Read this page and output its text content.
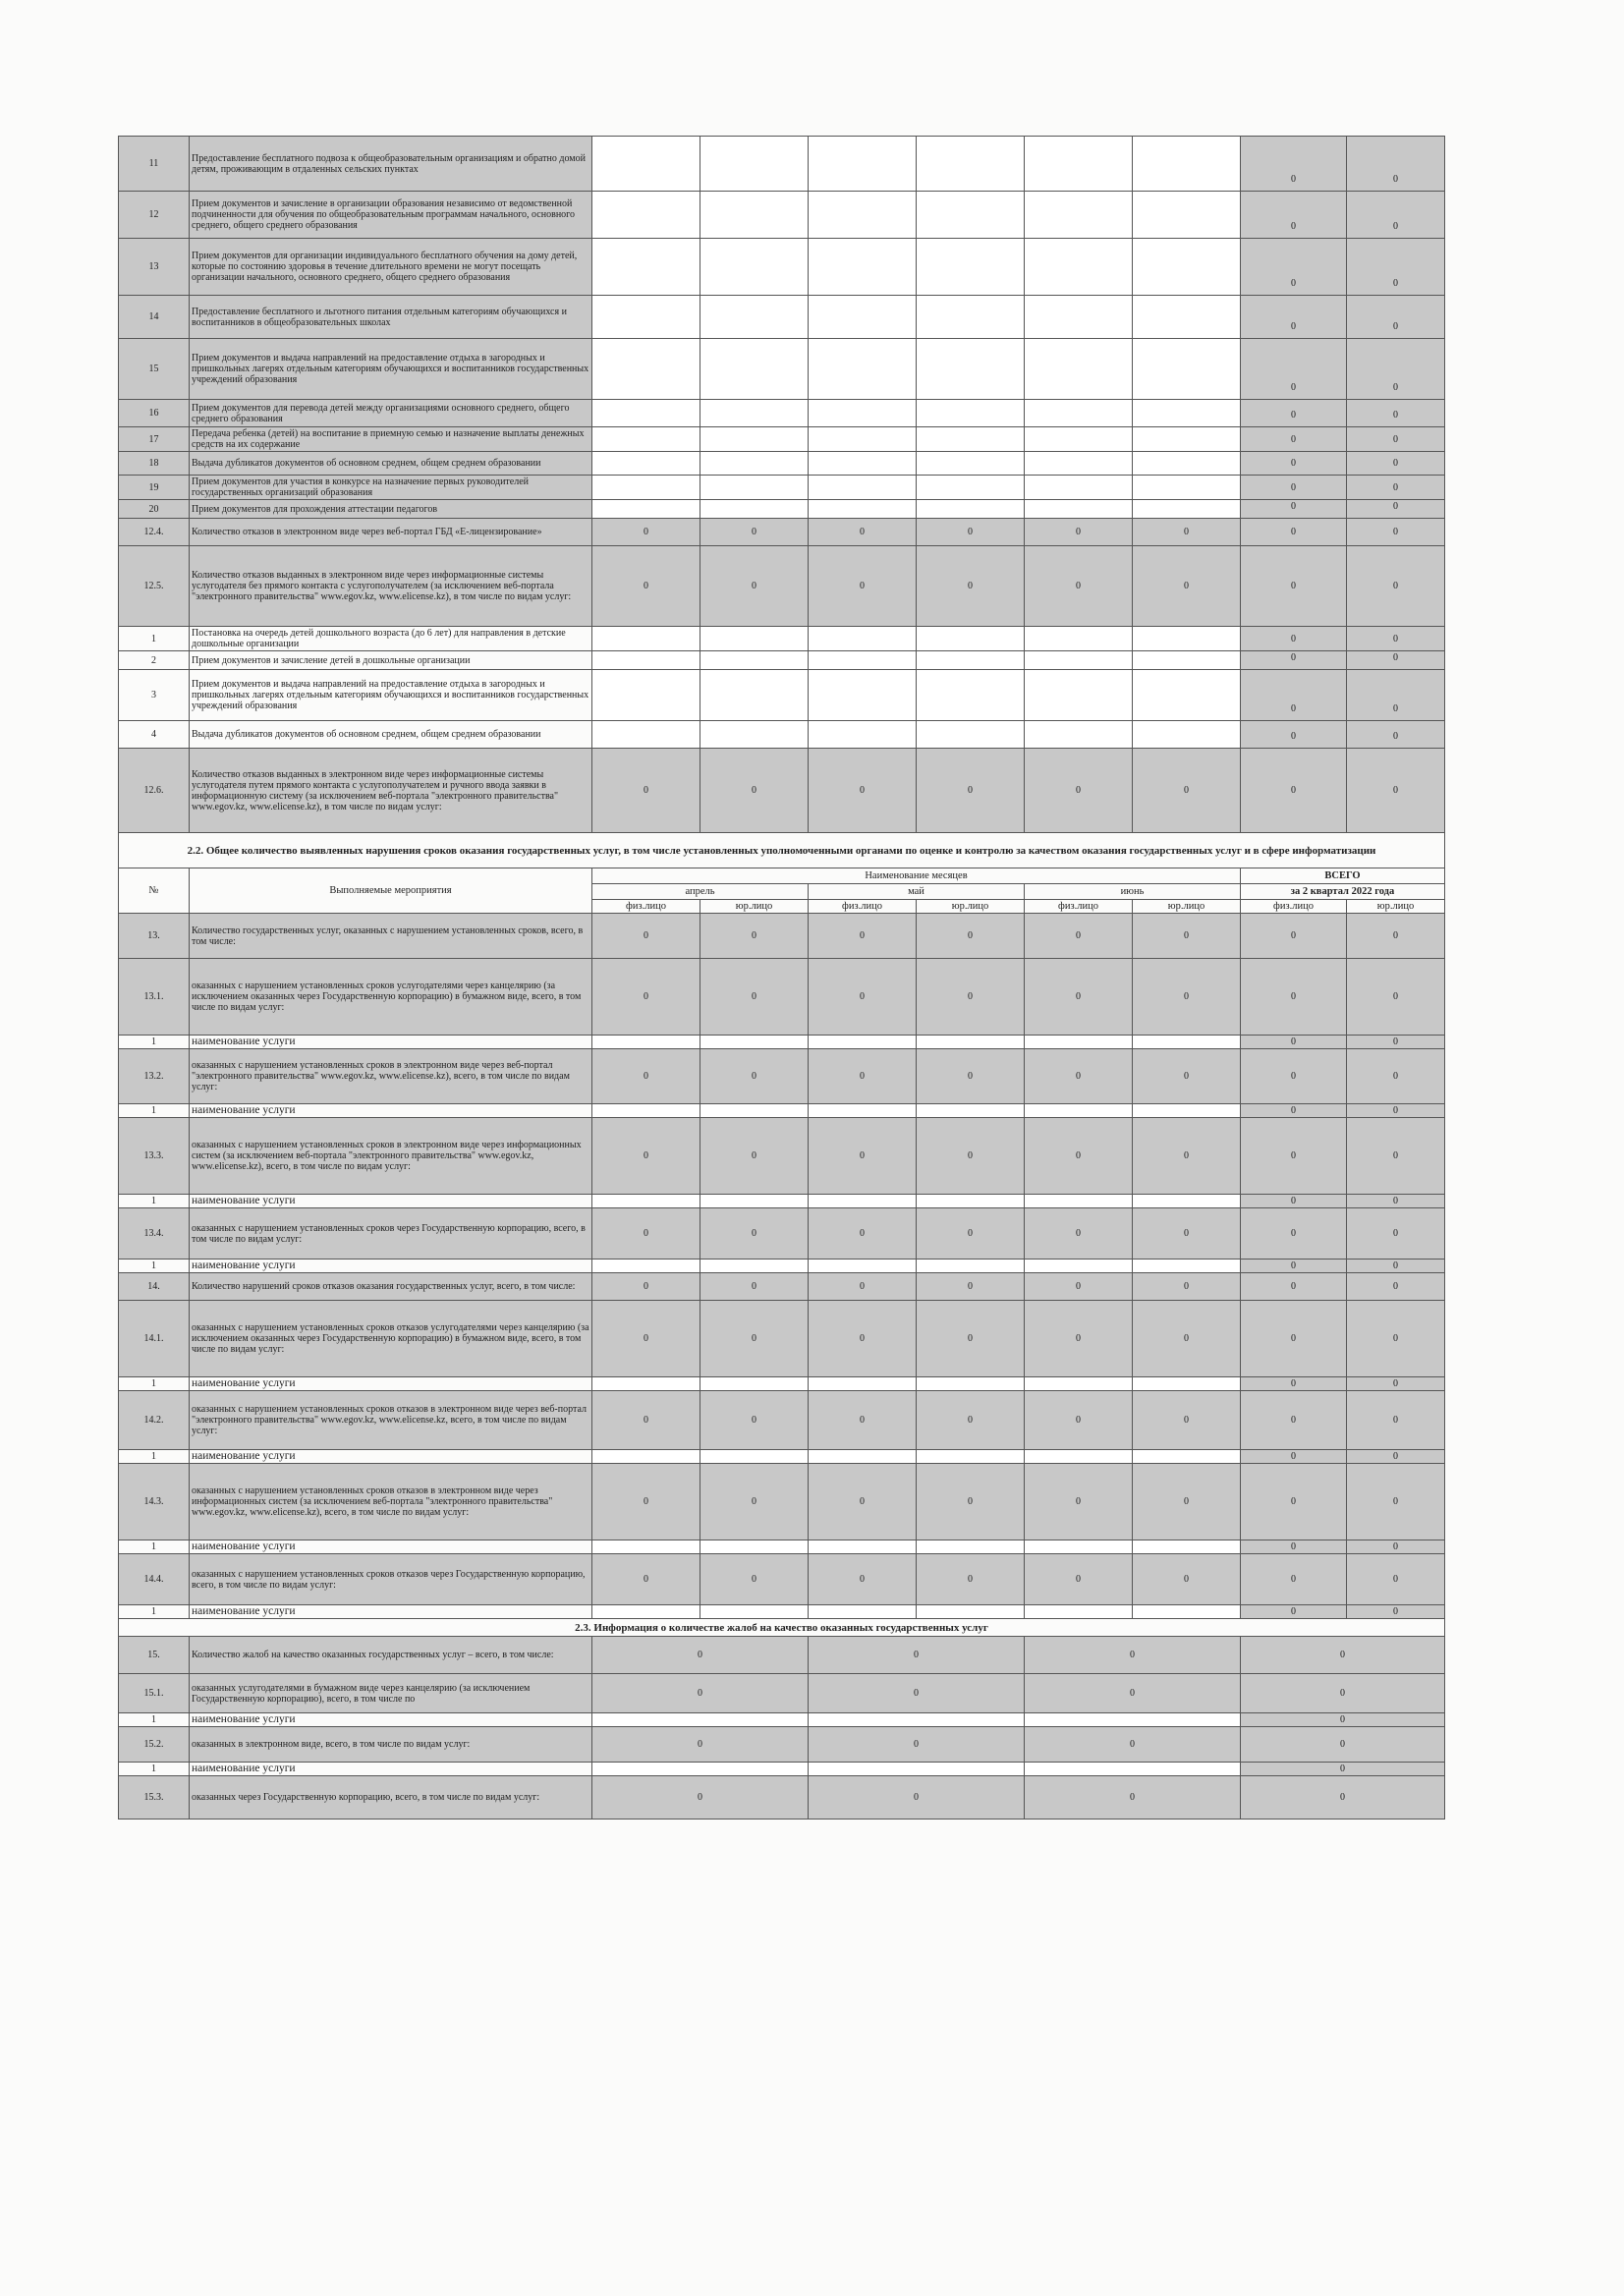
11	Предоставление бесплатного подвоза к общеобразовательным организациям и обратно домой детям, проживающим в отдаленных сельских пунктах							0	0
12	Прием документов и зачисление в организации образования независимо от ведомственной подчиненности для обучения по общеобразовательным программам начального, основного среднего, общего среднего образования							0	0
13	Прием документов для организации индивидуального бесплатного обучения на дому детей, которые по состоянию здоровья в течение длительного времени не могут посещать организации начального, основного среднего, общего среднего образования							0	0
14	Предоставление бесплатного и льготного питания отдельным категориям обучающихся и воспитанников в общеобразовательных школах							0	0
15	Прием документов и выдача направлений на предоставление отдыха в загородных и пришкольных лагерях отдельным категориям обучающихся и воспитанников государственных учреждений образования							0	0
16	Прием документов для перевода детей между организациями основного среднего, общего среднего образования							0	0
17	Передача ребенка (детей) на воспитание в приемную семью и назначение выплаты денежных средств на их содержание							0	0
18	Выдача дубликатов документов об основном среднем, общем среднем образовании							0	0
19	Прием документов для участия в конкурсе на назначение первых руководителей государственных организаций образования							0	0
20	Прием документов для прохождения аттестации педагогов							0	0
12.4.	Количество отказов в электронном виде через веб-портал ГБД «Е-лицензирование»	0	0	0	0	0	0	0	0
12.5.	Количество отказов выданных в электронном виде через информационные системы услугодателя без прямого контакта с услугополучателем (за исключением веб-портала "электронного правительства" www.egov.kz, www.elicense.kz), в том числе по видам услуг:	0	0	0	0	0	0	0	0
1	Постановка на очередь детей дошкольного возраста (до 6 лет) для направления в детские дошкольные организации							0	0
2	Прием документов и зачисление детей в дошкольные организации							0	0
3	Прием документов и выдача направлений на предоставление отдыха в загородных и пришкольных лагерях отдельным категориям обучающихся и воспитанников государственных учреждений образования							0	0
4	Выдача дубликатов документов об основном среднем, общем среднем образовании							0	0
12.6.	Количество отказов выданных в электронном виде через информационные системы услугодателя путем прямого контакта с услугополучателем и ручного ввода заявки в информационную систему (за исключением веб-портала "электронного правительства" www.egov.kz, www.elicense.kz), в том числе по видам услуг:	0	0	0	0	0	0	0	0
2.2. Общее количество выявленных нарушения сроков оказания государственных услуг, в том числе установленных уполномоченными органами по оценке и контролю за качеством оказания государственных услуг и в сфере информатизации									
№	Выполняемые мероприятия	Наименование месяцев						ВСЕГО	
		апрель		май		июнь		за 2 квартал 2022 года	
		физ.лицо	юр.лицо	физ.лицо	юр.лицо	физ.лицо	юр.лицо	физ.лицо	юр.лицо
13.	Количество государственных услуг, оказанных с нарушением установленных сроков, всего, в том числе:	0	0	0	0	0	0	0	0
13.1.	оказанных с нарушением установленных сроков услугодателями через канцелярию (за исключением оказанных через Государственную корпорацию) в бумажном виде, всего, в том числе по видам услуг:	0	0	0	0	0	0	0	0
1	наименование услуги							0	0
13.2.	оказанных с нарушением установленных сроков в электронном виде через веб-портал "электронного правительства" www.egov.kz, www.elicense.kz), всего, в том числе по видам услуг:	0	0	0	0	0	0	0	0
1	наименование услуги							0	0
13.3.	оказанных с нарушением установленных сроков в электронном виде через информационных систем (за исключением веб-портала "электронного правительства" www.egov.kz, www.elicense.kz), всего, в том числе по видам услуг:	0	0	0	0	0	0	0	0
1	наименование услуги							0	0
13.4.	оказанных с нарушением установленных сроков через Государственную корпорацию, всего, в том числе по видам услуг:	0	0	0	0	0	0	0	0
1	наименование услуги							0	0
14.	Количество нарушений сроков отказов оказания государственных услуг, всего, в том числе:	0	0	0	0	0	0	0	0
14.1.	оказанных с нарушением установленных сроков отказов услугодателями через канцелярию (за исключением оказанных через Государственную корпорацию) в бумажном виде, всего, в том числе по видам услуг:	0	0	0	0	0	0	0	0
1	наименование услуги							0	0
14.2.	оказанных с нарушением установленных сроков отказов в электронном виде через веб-портал "электронного правительства" www.egov.kz, www.elicense.kz, всего, в том числе по видам услуг:	0	0	0	0	0	0	0	0
1	наименование услуги							0	0
14.3.	оказанных с нарушением установленных сроков отказов в электронном виде через информационных систем (за исключением веб-портала "электронного правительства" www.egov.kz, www.elicense.kz), всего, в том числе по видам услуг:	0	0	0	0	0	0	0	0
1	наименование услуги							0	0
14.4.	оказанных с нарушением установленных сроков отказов через Государственную корпорацию, всего, в том числе по видам услуг:	0	0	0	0	0	0	0	0
1	наименование услуги							0	0
2.3. Информация о количестве жалоб на качество оказанных государственных услуг									
15.	Количество жалоб на качество оказанных государственных услуг – всего, в том числе:	0		0		0		0	
15.1.	оказанных услугодателями в бумажном виде через канцелярию (за исключением Государственную корпорацию), всего, в том числе по	0		0		0		0	
1	наименование услуги							0	
15.2.	оказанных в электронном виде, всего, в том числе по видам услуг:	0		0		0		0	
1	наименование услуги							0	
15.3.	оказанных через Государственную корпорацию, всего, в том числе по видам услуг:	0		0		0		0	
